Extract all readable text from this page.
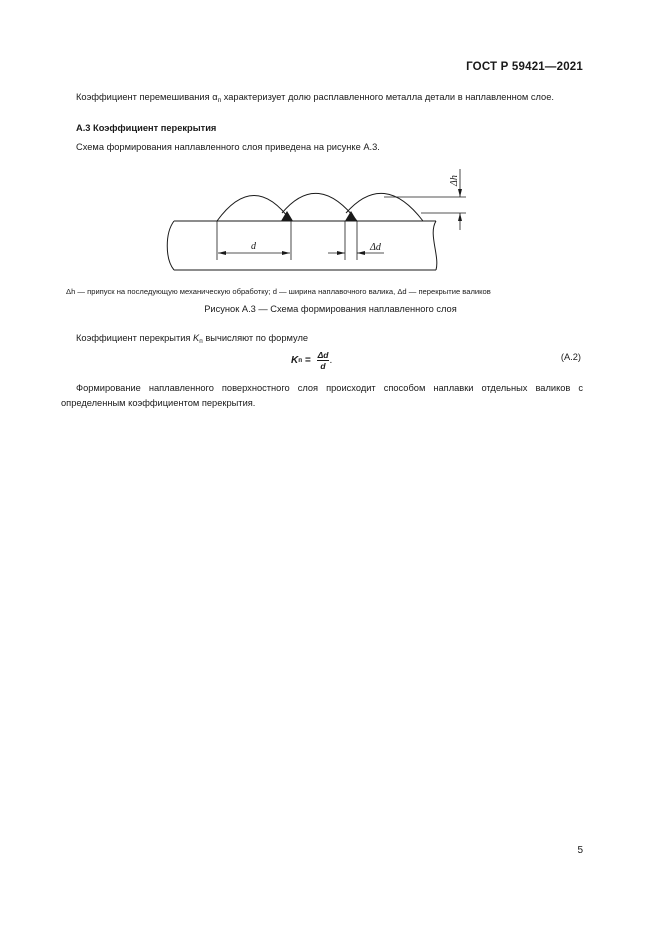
ГОСТ Р 59421—2021
Коэффициент перемешивания $\alpha_п$ характеризует долю расплавленного металла детали в наплавленном слое.
А.3 Коэффициент перекрытия
Схема формирования наплавленного слоя приведена на рисунке А.3.
d	Δd
Δh
Δh — припуск на последующую механическую обработку; d — ширина наплавочного валика, Δd — перекрытие валиков
Рисунок А.3 — Схема формирования наплавленного слоя
Коэффициент перекрытия $K_п$ вычисляют по формуле
K $п = \frac{\Delta d}{d}$ .	(А.2)
Формирование наплавленного поверхностного слоя происходит способом наплавки отдельных валиков с определенным коэффициентом перекрытия.
5
